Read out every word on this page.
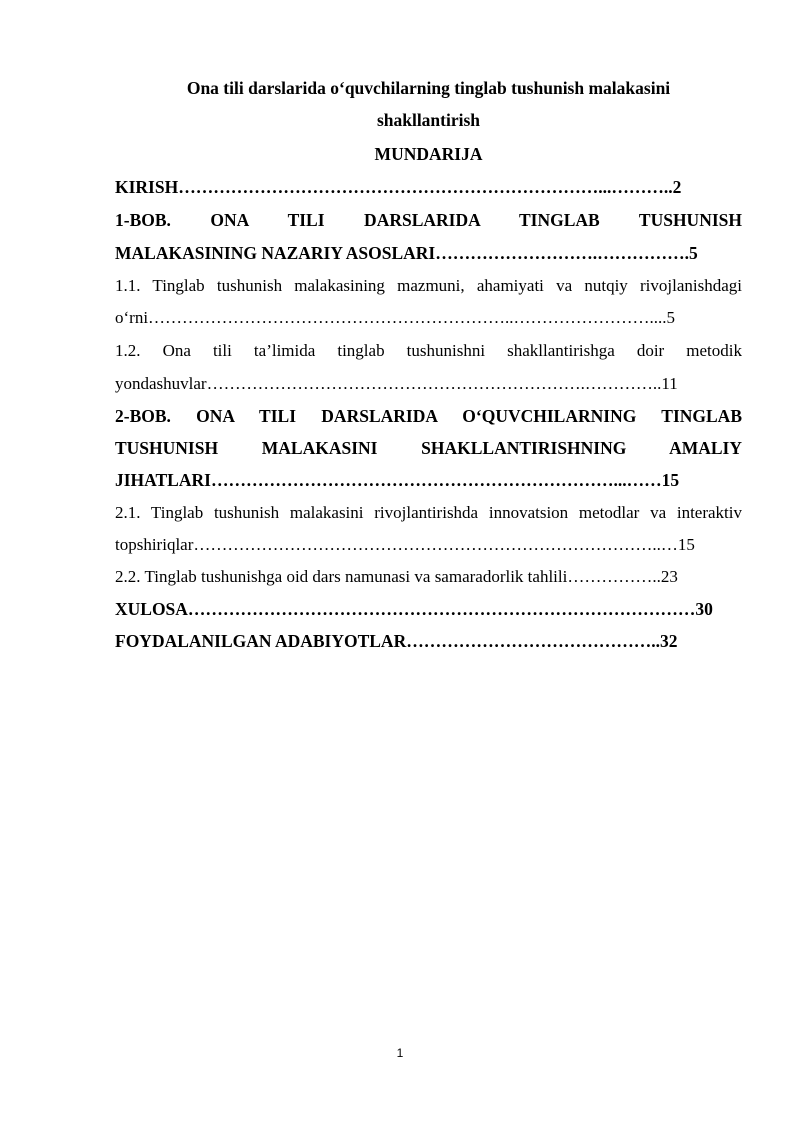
Ona tili darslarida o‘quvchilarning tinglab tushunish malakasini
shakllantirish
MUNDARIJA
KIRISH………………………………………………………………...………..2
1-BOB. ONA TILI DARSLARIDA TINGLAB TUSHUNISH
MALAKASINING NAZARIY ASOSLARI……………………….…………….5
1.1. Tinglab tushunish malakasining mazmuni, ahamiyati va nutqiy rivojlanishdagi
o‘rni………………………………………………………..……………………....5
1.2. Ona tili ta’limida tinglab tushunishni shakllantirishga doir metodik
yondashuvlar………………………………………………………….…………..11
2-BOB. ONA TILI DARSLARIDA O‘QUVCHILARNING TINGLAB
TUSHUNISH MALAKASINI SHAKLLANTIRISHNING AMALIY
JIHATLARI……………………………………………………………...……15
2.1. Tinglab tushunish malakasini rivojlantirishda innovatsion metodlar va interaktiv
topshiriqlar………………………………………………………………………..…15
2.2. Tinglab tushunishga oid dars namunasi va samaradorlik tahlili……………..23
XULOSA……………………………………………………………………………30
FOYDALANILGAN ADABIYOTLAR……………………………………..32
1
